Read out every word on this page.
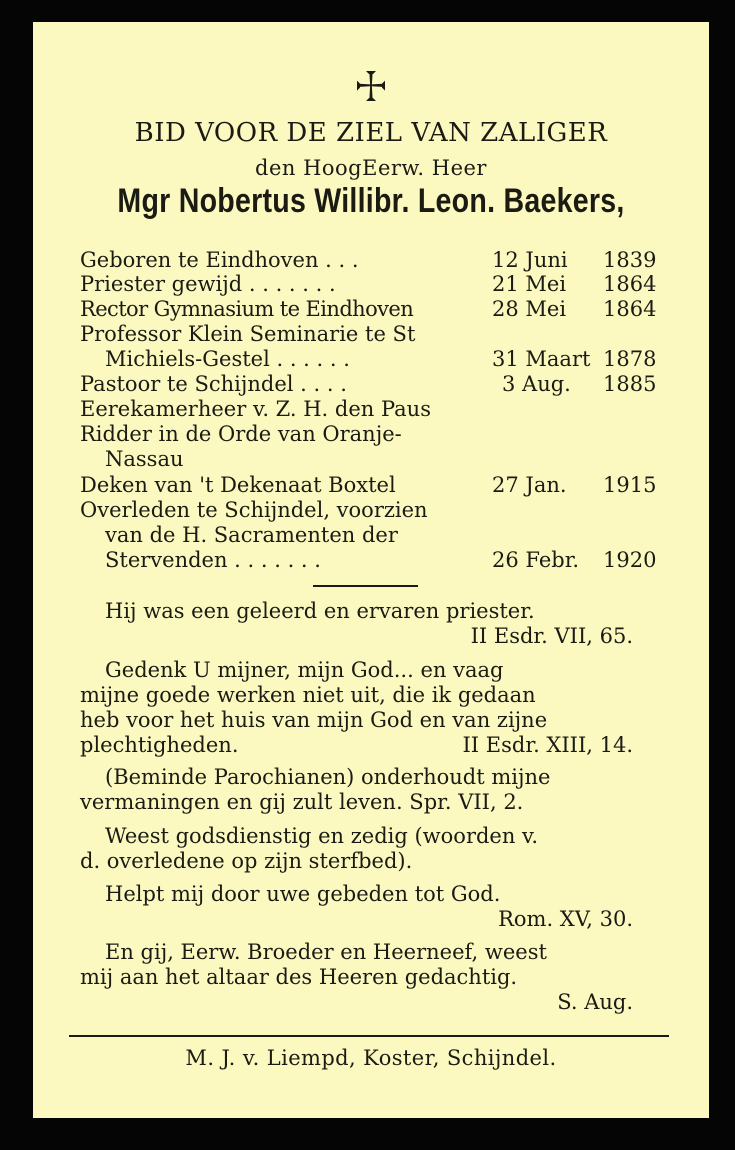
BID VOOR DE ZIEL VAN ZALIGER
den HoogEerw. Heer
Mgr Nobertus Willibr. Leon. Baekers,
Geboren te Eindhoven . . .	12 Juni 1839
Priester gewijd . . . . . . .	21 Mei 1864
Rector Gymnasium te Eindhoven	28 Mei 1864
Professor Klein Seminarie te St
Michiels-Gestel . . . . . .	31 Maart 1878
Pastoor te Schijndel . . . .	3 Aug. 1885
Eerekamerheer v. Z. H. den Paus
Ridder in de Orde van Oranje-
Nassau
Deken van 't Dekenaat Boxtel	27 Jan. 1915
Overleden te Schijndel, voorzien
van de H. Sacramenten der
Stervenden . . . . . . .	26 Febr. 1920
Hij was een geleerd en ervaren priester.
II Esdr. VII, 65.
Gedenk U mijner, mijn God... en vaag
mijne goede werken niet uit, die ik gedaan
heb voor het huis van mijn God en van zijne
plechtigheden.	II Esdr. XIII, 14.
(Beminde Parochianen) onderhoudt mijne
vermaningen en gij zult leven. Spr. VII, 2.
Weest godsdienstig en zedig (woorden v.
d. overledene op zijn sterfbed).
Helpt mij door uwe gebeden tot God.
Rom. XV, 30.
En gij, Eerw. Broeder en Heerneef, weest
mij aan het altaar des Heeren gedachtig.
S. Aug.
M. J. v. Liempd, Koster, Schijndel.
